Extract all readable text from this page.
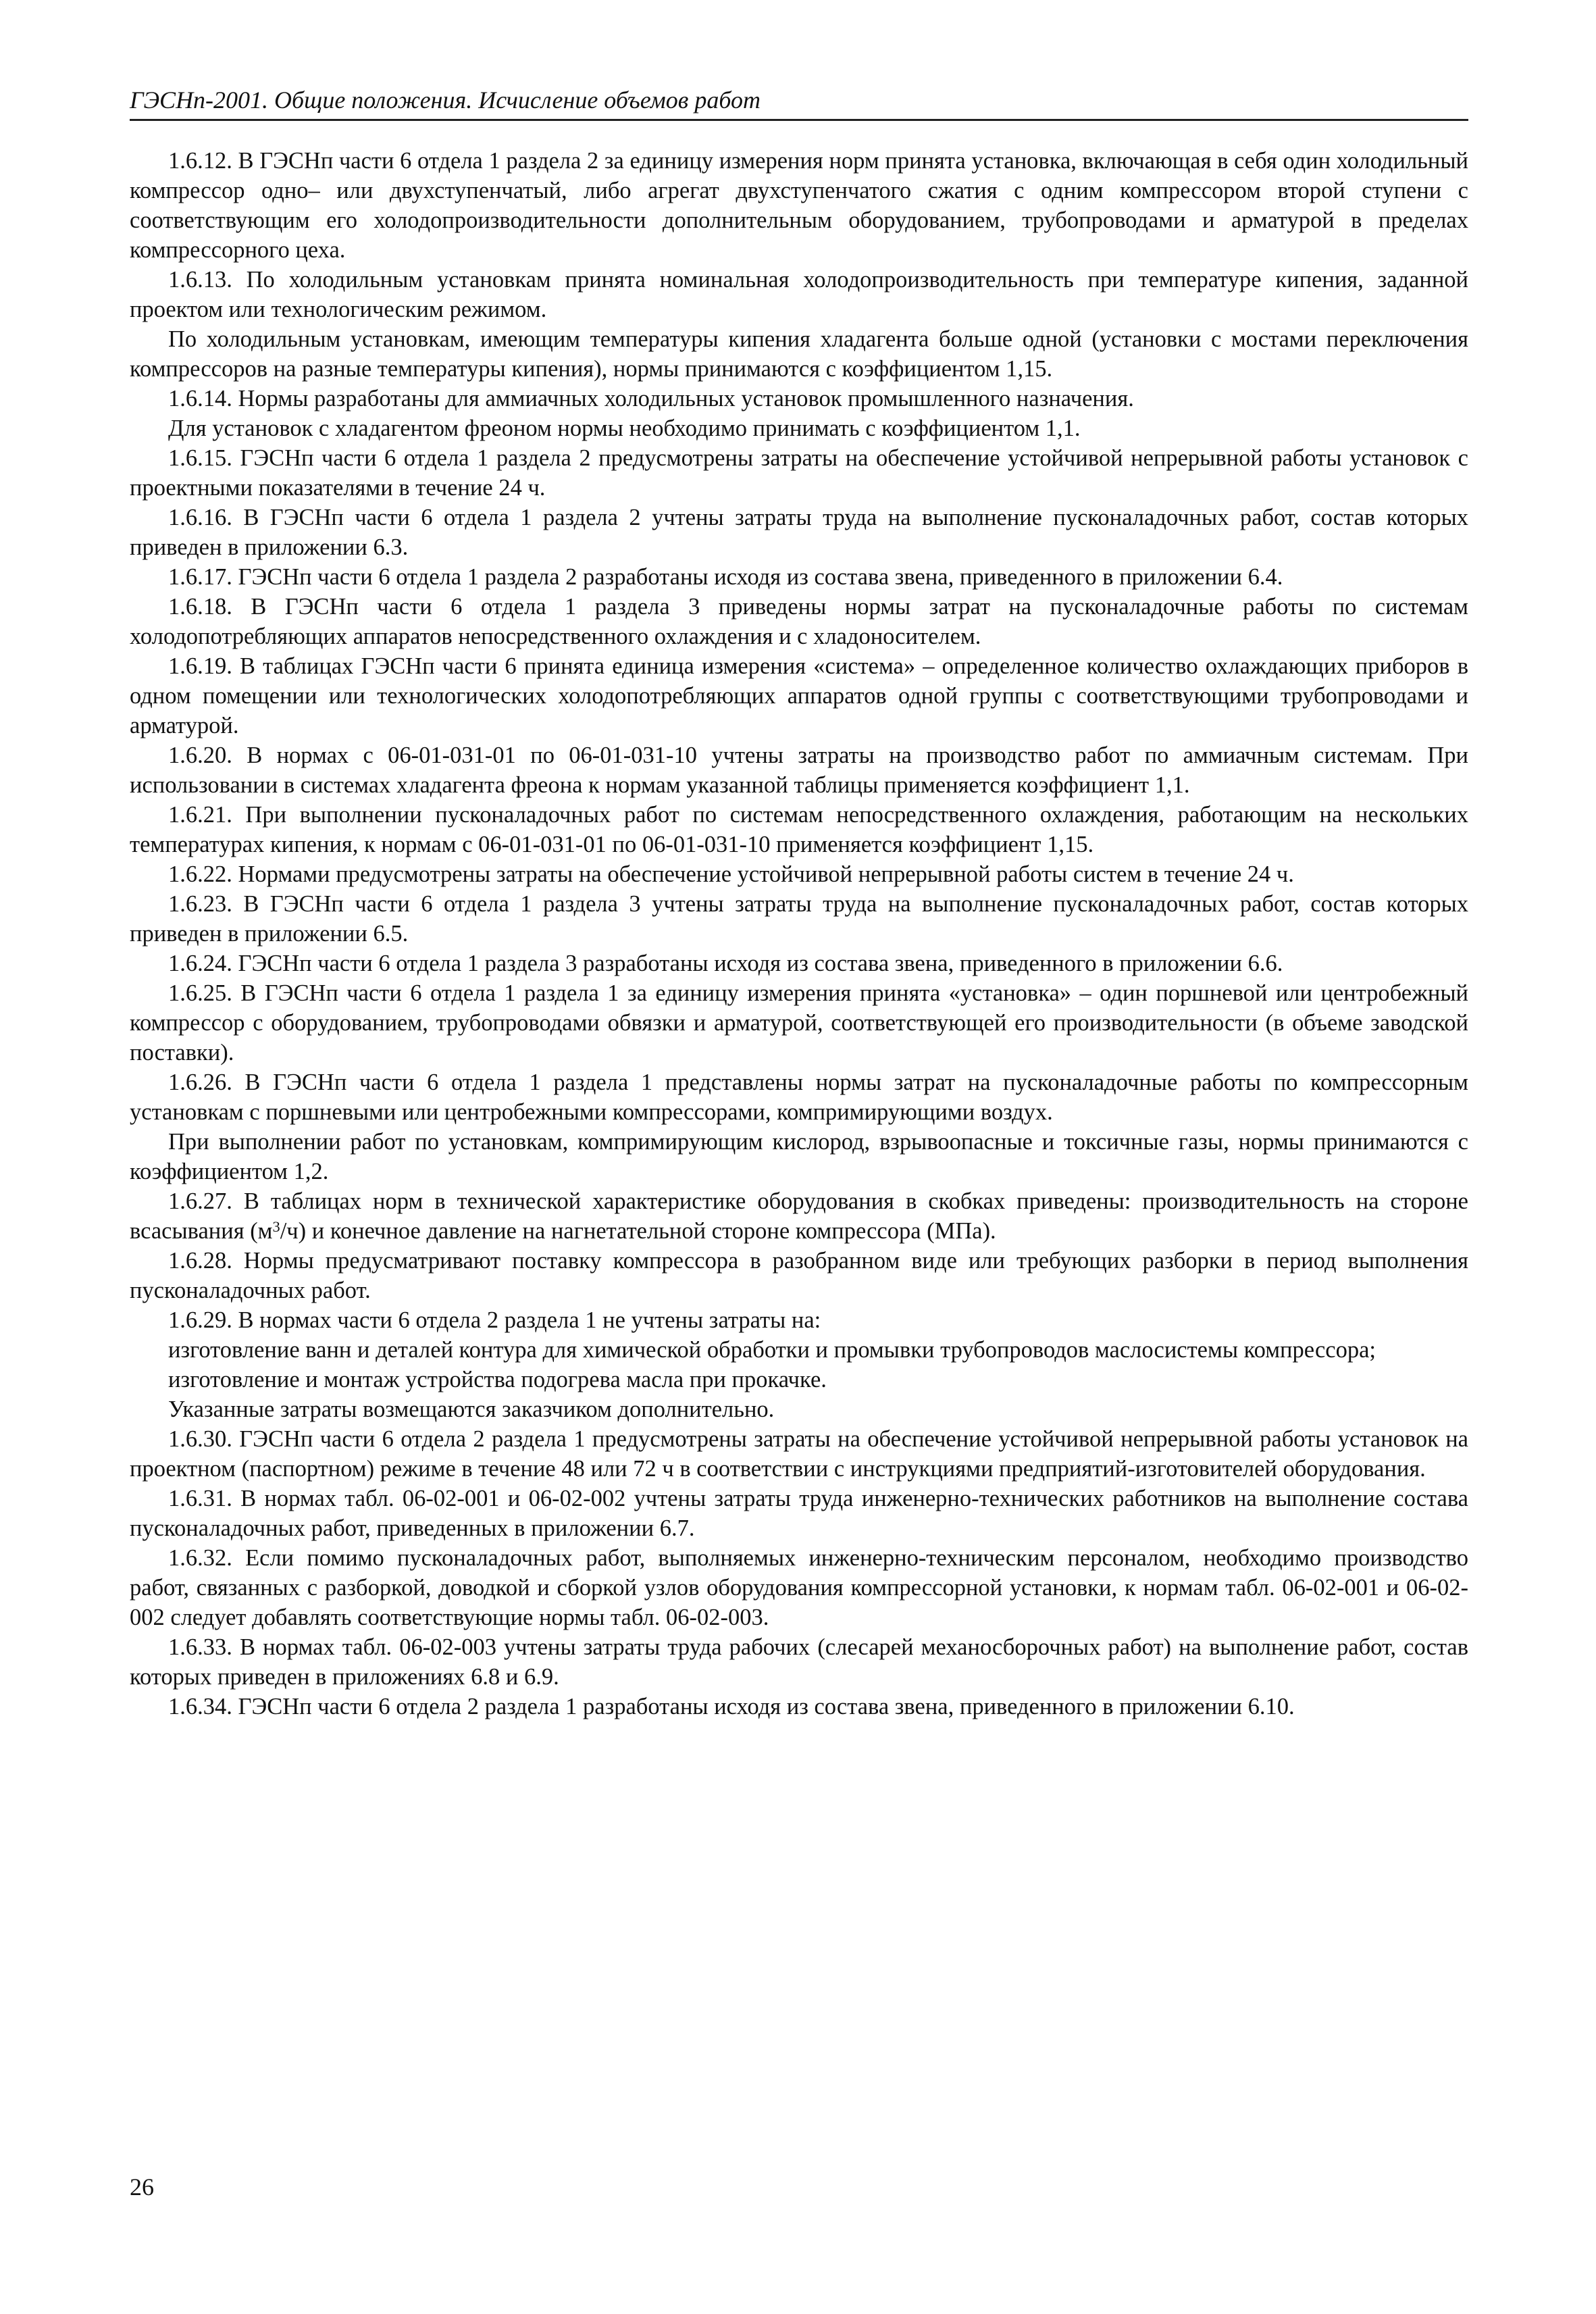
ГЭСНп-2001. Общие положения. Исчисление объемов работ

1.6.12. В ГЭСНп части 6 отдела 1 раздела 2 за единицу измерения норм принята установка, включающая в себя один холодильный компрессор одно– или двухступенчатый, либо агрегат двухступенчатого сжатия с одним компрессором второй ступени с соответствующим его холодопроизводительности дополнительным оборудованием, трубопроводами и арматурой в пределах компрессорного цеха.

1.6.13. По холодильным установкам принята номинальная холодопроизводительность при температуре кипения, заданной проектом или технологическим режимом.

По холодильным установкам, имеющим температуры кипения хладагента больше одной (установки с мостами переключения компрессоров на разные температуры кипения), нормы принимаются с коэффициентом 1,15.

1.6.14. Нормы разработаны для аммиачных холодильных установок промышленного назначения.

Для установок с хладагентом фреоном нормы необходимо принимать с коэффициентом 1,1.

1.6.15. ГЭСНп части 6 отдела 1 раздела 2 предусмотрены затраты на обеспечение устойчивой непрерывной работы установок с проектными показателями в течение 24 ч.

1.6.16. В ГЭСНп части 6 отдела 1 раздела 2 учтены затраты труда на выполнение пусконаладочных работ, состав которых приведен в приложении 6.3.

1.6.17. ГЭСНп части 6 отдела 1 раздела 2 разработаны исходя из состава звена, приведенного в приложении 6.4.

1.6.18. В ГЭСНп части 6 отдела 1 раздела 3 приведены нормы затрат на пусконаладочные работы по системам холодопотребляющих аппаратов непосредственного охлаждения и с хладоносителем.

1.6.19. В таблицах ГЭСНп части 6 принята единица измерения «система» – определенное количество охлаждающих приборов в одном помещении или технологических холодопотребляющих аппаратов одной группы с соответствующими трубопроводами и арматурой.

1.6.20. В нормах с 06-01-031-01 по 06-01-031-10 учтены затраты на производство работ по аммиачным системам. При использовании в системах хладагента фреона к нормам указанной таблицы применяется коэффициент 1,1.

1.6.21. При выполнении пусконаладочных работ по системам непосредственного охлаждения, работающим на нескольких температурах кипения, к нормам с 06-01-031-01 по 06-01-031-10 применяется коэффициент 1,15.

1.6.22. Нормами предусмотрены затраты на обеспечение устойчивой непрерывной работы систем в течение 24 ч.

1.6.23. В ГЭСНп части 6 отдела 1 раздела 3 учтены затраты труда на выполнение пусконаладочных работ, состав которых приведен в приложении 6.5.

1.6.24. ГЭСНп части 6 отдела 1 раздела 3 разработаны исходя из состава звена, приведенного в приложении 6.6.

1.6.25. В ГЭСНп части 6 отдела 1 раздела 1 за единицу измерения принята «установка» – один поршневой или центробежный компрессор с оборудованием, трубопроводами обвязки и арматурой, соответствующей его производительности (в объеме заводской поставки).

1.6.26. В ГЭСНп части 6 отдела 1 раздела 1 представлены нормы затрат на пусконаладочные работы по компрессорным установкам с поршневыми или центробежными компрессорами, компримирующими воздух.

При выполнении работ по установкам, компримирующим кислород, взрывоопасные и токсичные газы, нормы принимаются с коэффициентом 1,2.

1.6.27. В таблицах норм в технической характеристике оборудования в скобках приведены: производительность на стороне всасывания $(м^3/ч)$ и конечное давление на нагнетательной стороне компрессора (МПа).

1.6.28. Нормы предусматривают поставку компрессора в разобранном виде или требующих разборки в период выполнения пусконаладочных работ.

1.6.29. В нормах части 6 отдела 2 раздела 1 не учтены затраты на:

изготовление ванн и деталей контура для химической обработки и промывки трубопроводов маслосистемы компрессора;

изготовление и монтаж устройства подогрева масла при прокачке.

Указанные затраты возмещаются заказчиком дополнительно.

1.6.30. ГЭСНп части 6 отдела 2 раздела 1 предусмотрены затраты на обеспечение устойчивой непрерывной работы установок на проектном (паспортном) режиме в течение 48 или 72 ч в соответствии с инструкциями предприятий-изготовителей оборудования.

1.6.31. В нормах табл. 06-02-001 и 06-02-002 учтены затраты труда инженерно-технических работников на выполнение состава пусконаладочных работ, приведенных в приложении 6.7.

1.6.32. Если помимо пусконаладочных работ, выполняемых инженерно-техническим персоналом, необходимо производство работ, связанных с разборкой, доводкой и сборкой узлов оборудования компрессорной установки, к нормам табл. 06-02-001 и 06-02-002 следует добавлять соответствующие нормы табл. 06-02-003.

1.6.33. В нормах табл. 06-02-003 учтены затраты труда рабочих (слесарей механосборочных работ) на выполнение работ, состав которых приведен в приложениях 6.8 и 6.9.

1.6.34. ГЭСНп части 6 отдела 2 раздела 1 разработаны исходя из состава звена, приведенного в приложении 6.10.

26
